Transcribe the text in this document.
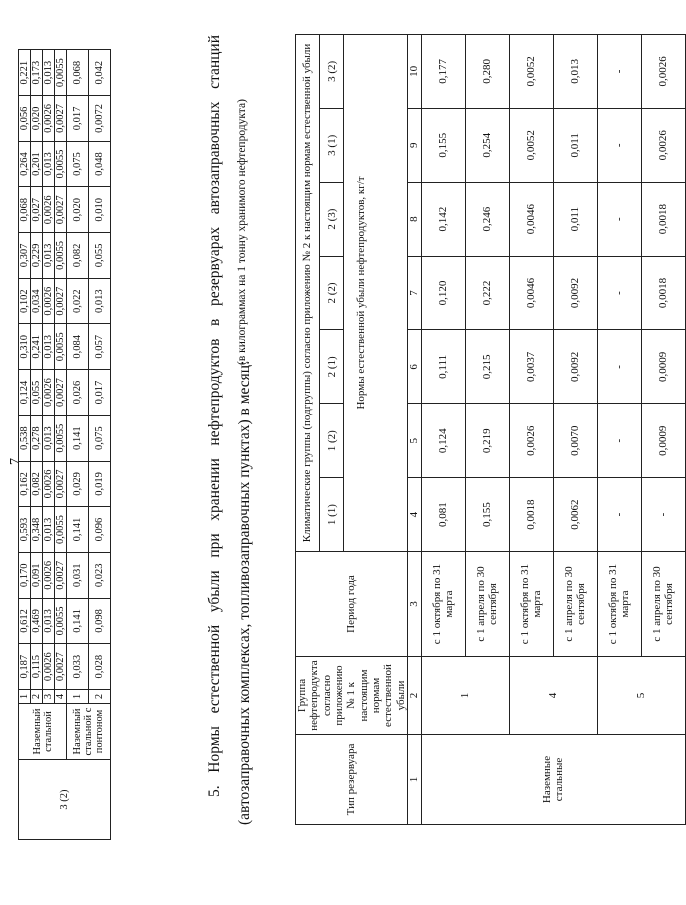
7
3 (2)	Наземный стальной	1	0,187	0,612	0,170	0,593	0,162	0,538	0,124	0,310	0,102	0,307	0,068	0,264	0,056	0,221
		2	0,115	0,469	0,091	0,348	0,082	0,278	0,055	0,241	0,034	0,229	0,027	0,201	0,020	0,173
		3	0,0026	0,013	0,0026	0,013	0,0026	0,013	0,0026	0,013	0,0026	0,013	0,0026	0,013	0,0026	0,013
		4	0,0027	0,0055	0,0027	0,0055	0,0027	0,0055	0,0027	0,0055	0,0027	0,0055	0,0027	0,0055	0,0027	0,0055
	Наземный стальной с понтоном	1	0,033	0,141	0,031	0,141	0,029	0,141	0,026	0,084	0,022	0,082	0,020	0,075	0,017	0,068
		2	0,028	0,098	0,023	0,096	0,019	0,075	0,017	0,057	0,013	0,055	0,010	0,048	0,0072	0,042
5. Нормы естественной убыли при хранении нефтепродуктов в резервуарах автозаправочных станций (автозаправочных комплексах, топливозаправочных пунктах) в месяц:
(в килограммах на 1 тонну хранимого нефтепродукта)
Тип резервуара	Группа нефтепродукта согласно приложению № 1 к настоящим нормам естественной убыли	Период года	Климатические группы (подгруппы) согласно приложению № 2 к настоящим нормам естественной убыли						
			1 (1)	1 (2)	2 (1)	2 (2)	2 (3)	3 (1)	3 (2)
			Нормы естественной убыли нефтепродуктов, кг/т						

1	2	3	4	5	6	7	8	9	10
Наземные стальные	1	с 1 октября по 31 марта	0,081	0,124	0,111	0,120	0,142	0,155	0,177
		с 1 апреля по 30 сентября	0,155	0,219	0,215	0,222	0,246	0,254	0,280
	4	с 1 октября по 31 марта	0,0018	0,0026	0,0037	0,0046	0,0046	0,0052	0,0052
		с 1 апреля по 30 сентября	0,0062	0,0070	0,0092	0,0092	0,011	0,011	0,013
	5	с 1 октября по 31 марта	-	-	-	-	-	-	-
		с 1 апреля по 30 сентября	-	0,0009	0,0009	0,0018	0,0018	0,0026	0,0026
